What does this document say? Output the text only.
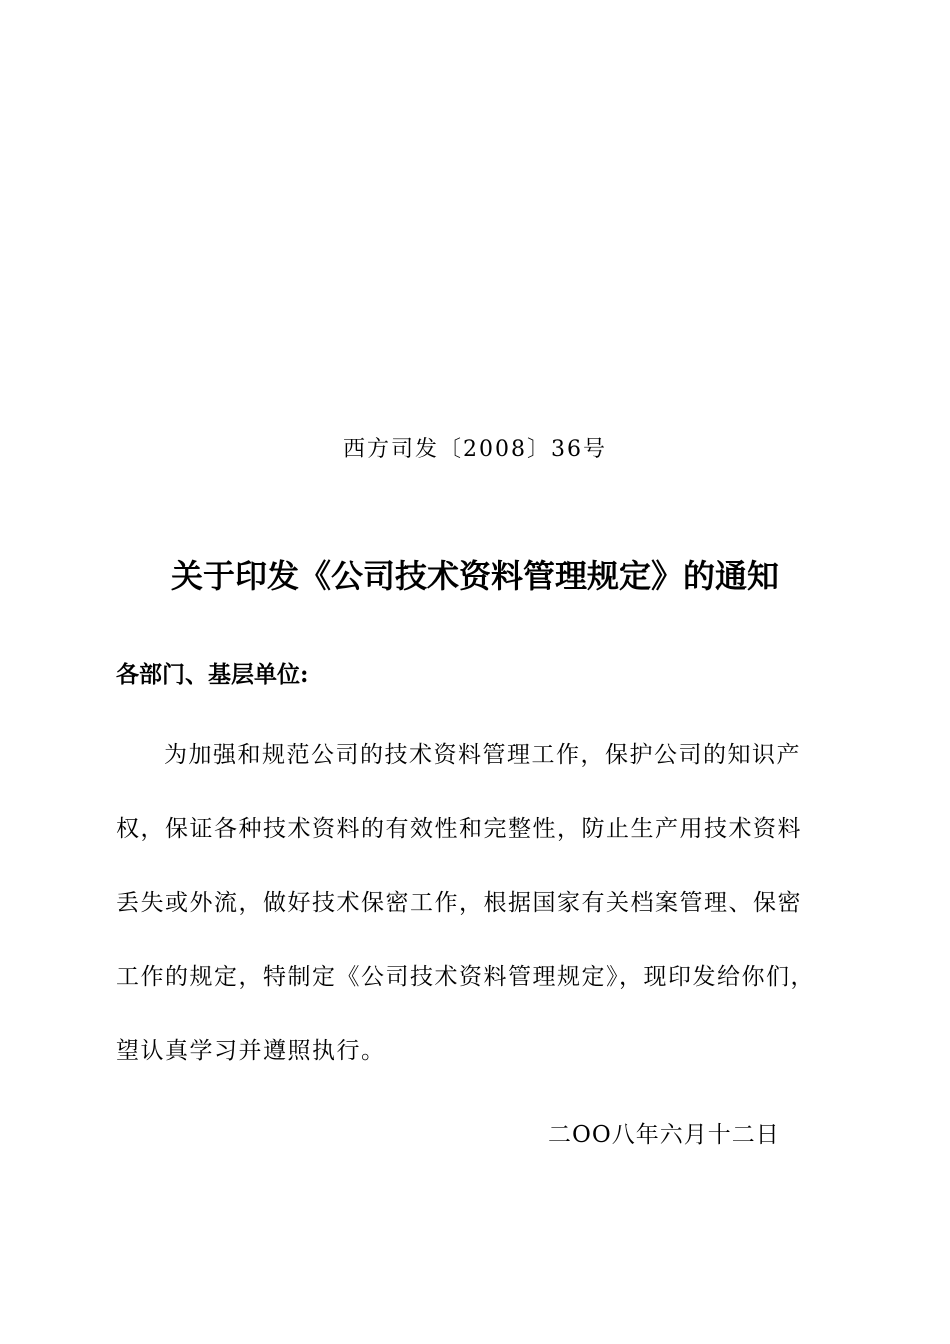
西方司发〔2008〕36号
关于印发《公司技术资料管理规定》的通知
各部门、基层单位:
为加强和规范公司的技术资料管理工作，保护公司的知识产
权，保证各种技术资料的有效性和完整性，防止生产用技术资料
丢失或外流，做好技术保密工作，根据国家有关档案管理、保密
工作的规定，特制定《公司技术资料管理规定》，现印发给你们，
望认真学习并遵照执行。
二OO八年六月十二日
